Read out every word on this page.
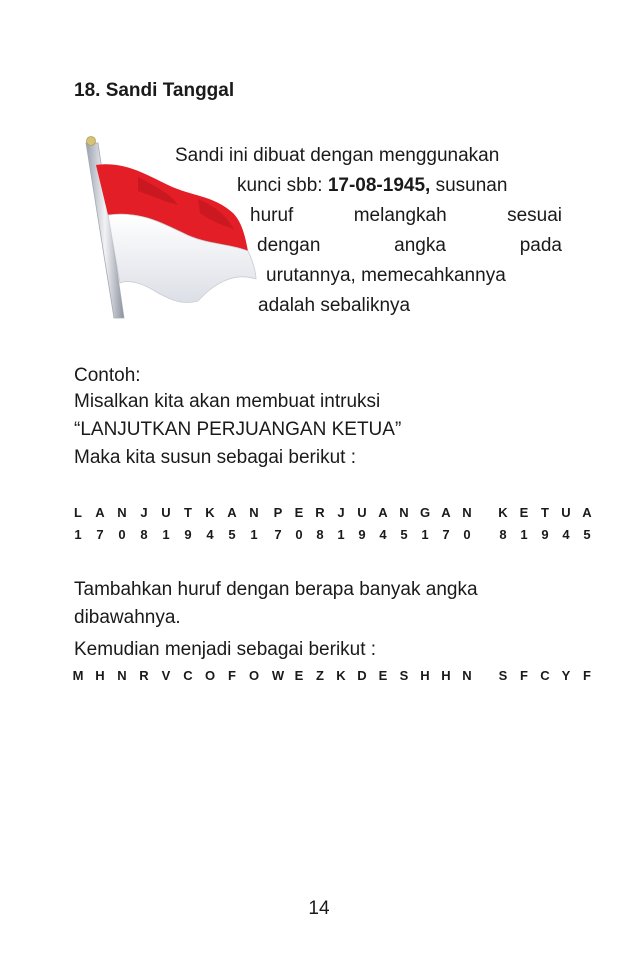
18. Sandi Tanggal
Sandi ini dibuat dengan menggunakan
kunci sbb: 17-08-1945, susunan
huruf	melangkah	sesuai
dengan	angka	pada
urutannya, memecahkannya
adalah sebaliknya
Contoh:
Misalkan kita akan membuat intruksi
“LANJUTKAN PERJUANGAN KETUA”
Maka kita susun sebagai berikut :
L A N J U T K A N P E R J U A N G A N K E T U A
1 7 0 8 1 9 4 5 1 7 0 8 1 9 4 5 1 7 0 8 1 9 4 5
Tambahkan huruf dengan berapa banyak angka
dibawahnya.
Kemudian menjadi sebagai berikut :
M H N R V C O F O W E Z K D E S H H N S F C Y F
14
